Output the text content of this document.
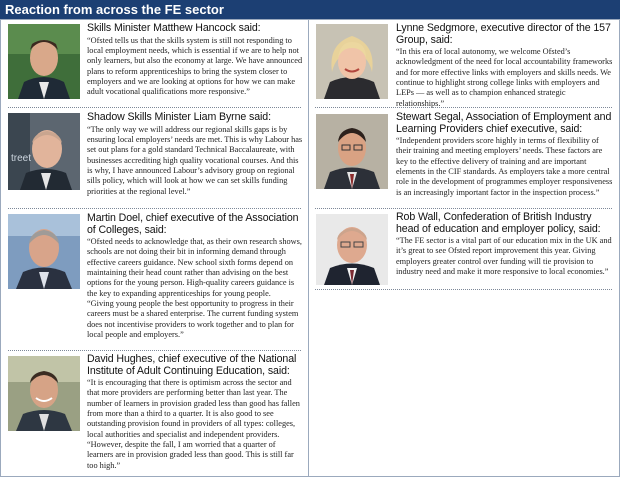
Reaction from across the FE sector

Skills Minister Matthew Hancock said:

“Ofsted tells us that the skills system is still not responding to local employment needs, which is essential if we are to help not only learners, but also the economy at large. We have announced plans to reform apprenticeships to bring the system closer to employers and we are looking at options for how we can make adult vocational qualifications more responsive.”

treet

Shadow Skills Minister Liam Byrne said:

“The only way we will address our regional skills gaps is by ensuring local employers’ needs are met. This is why Labour has set out plans for a gold standard Technical Baccalaureate, with businesses accrediting high quality vocational courses. And this is why, I have announced Labour’s advisory group on regional sills policy, which will look at how we can set skills funding priorities at the regional level.”

Martin Doel, chief executive of the Association of Colleges, said:

“Ofsted needs to acknowledge that, as their own research shows, schools are not doing their bit in informing demand through effective careers guidance. New school sixth forms depend on maintaining their head count rather than advising on the best options for the young person. High-quality careers guidance is the key to expanding apprenticeships for young people.

“Giving young people the best opportunity to progress in their careers must be a shared enterprise. The current funding system does not incentivise providers to work together and to plan for local people and employers.”

David Hughes, chief executive of the National Institute of Adult Continuing Education, said:

“It is encouraging that there is optimism across the sector and that more providers are performing better than last year. The number of learners in provision graded less than good has fallen from more than a third to a quarter. It is also good to see outstanding provision found in providers of all types: colleges, local authorities and specialist and independent providers.

“However, despite the fall, I am worried that a quarter of learners are in provision graded less than good. This is still far too high.”

Lynne Sedgmore, executive director of the 157 Group, said:

“In this era of local autonomy, we welcome Ofsted’s acknowledgment of the need for local accountability frameworks and for more effective links with employers and skills needs. We continue to highlight strong college links with employers and LEPs — as well as to champion enhanced strategic relationships.”

Stewart Segal, Association of Employment and Learning Providers chief executive, said:

“Independent providers score highly in terms of flexibility of their training and meeting employers’ needs. These factors are key to the effective delivery of training and are important elements in the CIF standards. As employers take a more central role in the development of programmes employer responsiveness is an increasingly important factor in the inspection process.”

Rob Wall, Confederation of British Industry head of education and employer policy, said:

“The FE sector is a vital part of our education mix in the UK and it’s great to see Ofsted report improvement this year. Giving employers greater control over funding will tie provision to industry need and make it more responsive to local economies.”
